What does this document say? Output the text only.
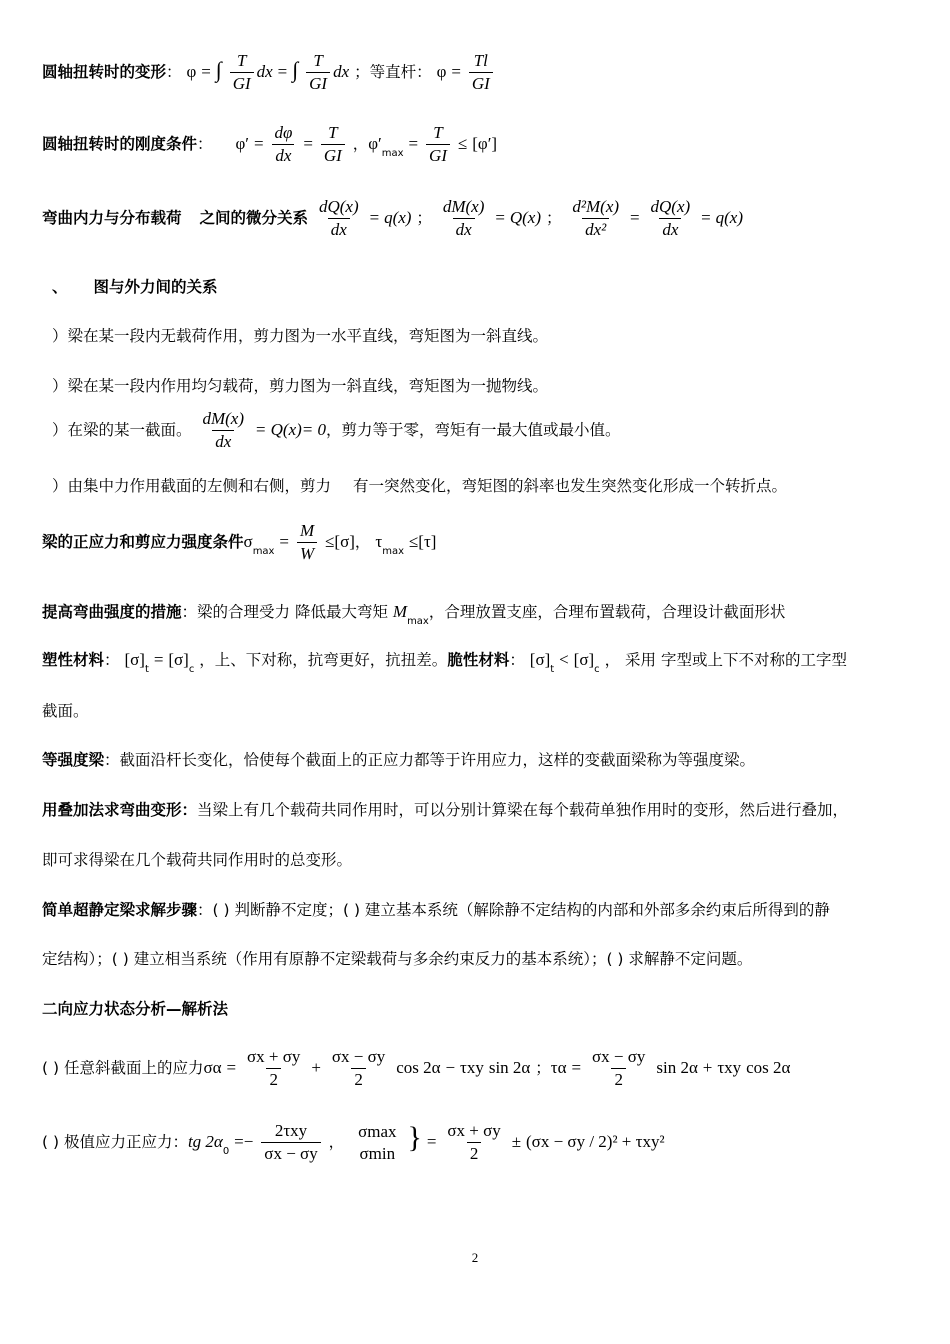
圆轴扭转时的变形： φ = ∫ $\frac{T}{GI}$ dx = ∫ $\frac{T}{GI}$ dx ；等直杆： $\varphi = \frac{Tl}{GI}$
圆轴扭转时的刚度条件： $\varphi' = \frac{d\varphi}{dx} = \frac{T}{GI}$ ，$\varphi'_{max} = \frac{T}{GI} \le [\varphi']$
弯曲内力与分布载荷 之间的微分关系 $\frac{dQ(x)}{dx} = q(x)$ ； $\frac{dM(x)}{dx} = Q(x)$ ； $\frac{\text{d²M(x)}}{\text{dx²}} = \frac{dQ(x)}{dx} = q(x)$
、 图与外力间的关系
）梁在某一段内无载荷作用，剪力图为一水平直线，弯矩图为一斜直线。
）梁在某一段内作用均匀载荷，剪力图为一斜直线，弯矩图为一抛物线。
）在梁的某一截面。 $\frac{dM(x)}{dx} = Q(x)= 0$，剪力等于零，弯矩有一最大值或最小值。
）由集中力作用截面的左侧和右侧，剪力 有一突然变化，弯矩图的斜率也发生突然变化形成一个转折点。
梁的正应力和剪应力强度条件$\sigma_{max} = \frac{M}{W} \le[\sigma]$， $\tau_{max} \le[\tau]$
提高弯曲强度的措施：梁的合理受力 降低最大弯矩 $M_{max}$，合理放置支座，合理布置载荷，合理设计截面形状
塑性材料： $[\sigma]_t = [\sigma]_c$ ，上、下对称，抗弯更好，抗扭差。脆性材料： $[\sigma]_t < [\sigma]_c$ ， 采用 字型或上下不对称的工字型
截面。
等强度梁：截面沿杆长变化，恰使每个截面上的正应力都等于许用应力，这样的变截面梁称为等强度梁。
用叠加法求弯曲变形：当梁上有几个载荷共同作用时，可以分别计算梁在每个载荷单独作用时的变形，然后进行叠加，
即可求得梁在几个载荷共同作用时的总变形。
简单超静定梁求解步骤：( ) 判断静不定度；( ) 建立基本系统（解除静不定结构的内部和外部多余约束后所得到的静
定结构）；( ) 建立相当系统（作用有原静不定梁载荷与多余约束反力的基本系统）；( ) 求解静不定问题。
二向应力状态分析—解析法
( ) 任意斜截面上的应力$\sigma\alpha = \frac{\sigma x + \sigma y}{2} + \frac{\sigma x - \sigma y}{2}$ cos 2α − τxy sin 2α ；$\tau\alpha = \frac{\sigma x - \sigma y}{2}$ sin 2α + τxy cos 2α
( ) 极值应力正应力：tg $2\alpha_0 =- \frac{\text{2τxy}}{\sigma x - \sigma y}$ ，
σmax
σmin } = $\frac{\sigma x + \sigma y}{2} \pm (\sigma x - \sigma y / 2)^2 + \tau xy^2$
2
